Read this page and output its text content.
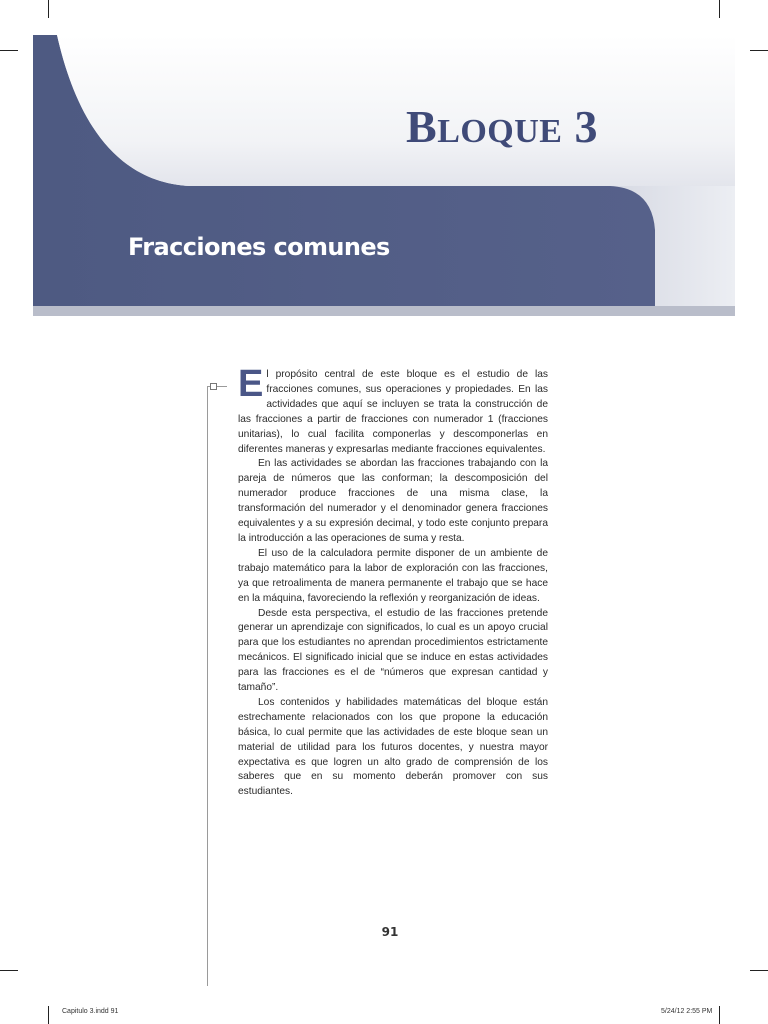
BLOQUE 3
Fracciones comunes

El propósito central de este bloque es el estudio de las fracciones comunes, sus operaciones y propiedades. En las actividades que aquí se incluyen se trata la construcción de las fracciones a partir de fracciones con numerador 1 (fracciones unitarias), lo cual facilita componerlas y descomponerlas en diferentes maneras y expresarlas mediante fracciones equivalentes.

En las actividades se abordan las fracciones trabajando con la pareja de números que las conforman; la descomposición del numerador produce fracciones de una misma clase, la transformación del numerador y el denominador genera fracciones equivalentes y a su expresión decimal, y todo este conjunto prepara la introducción a las operaciones de suma y resta.

El uso de la calculadora permite disponer de un ambiente de trabajo matemático para la labor de exploración con las fracciones, ya que retroalimenta de manera permanente el trabajo que se hace en la máquina, favoreciendo la reflexión y reorganización de ideas.

Desde esta perspectiva, el estudio de las fracciones pretende generar un aprendizaje con significados, lo cual es un apoyo crucial para que los estudiantes no aprendan procedimientos estrictamente mecánicos. El significado inicial que se induce en estas actividades para las fracciones es el de “números que expresan cantidad y tamaño”.

Los contenidos y habilidades matemáticas del bloque están estrechamente relacionados con los que propone la educación básica, lo cual permite que las actividades de este bloque sean un material de utilidad para los futuros docentes, y nuestra mayor expectativa es que logren un alto grado de comprensión de los saberes que en su momento deberán promover con sus estudiantes.

91
Capitulo 3.indd 91	5/24/12 2:55 PM
